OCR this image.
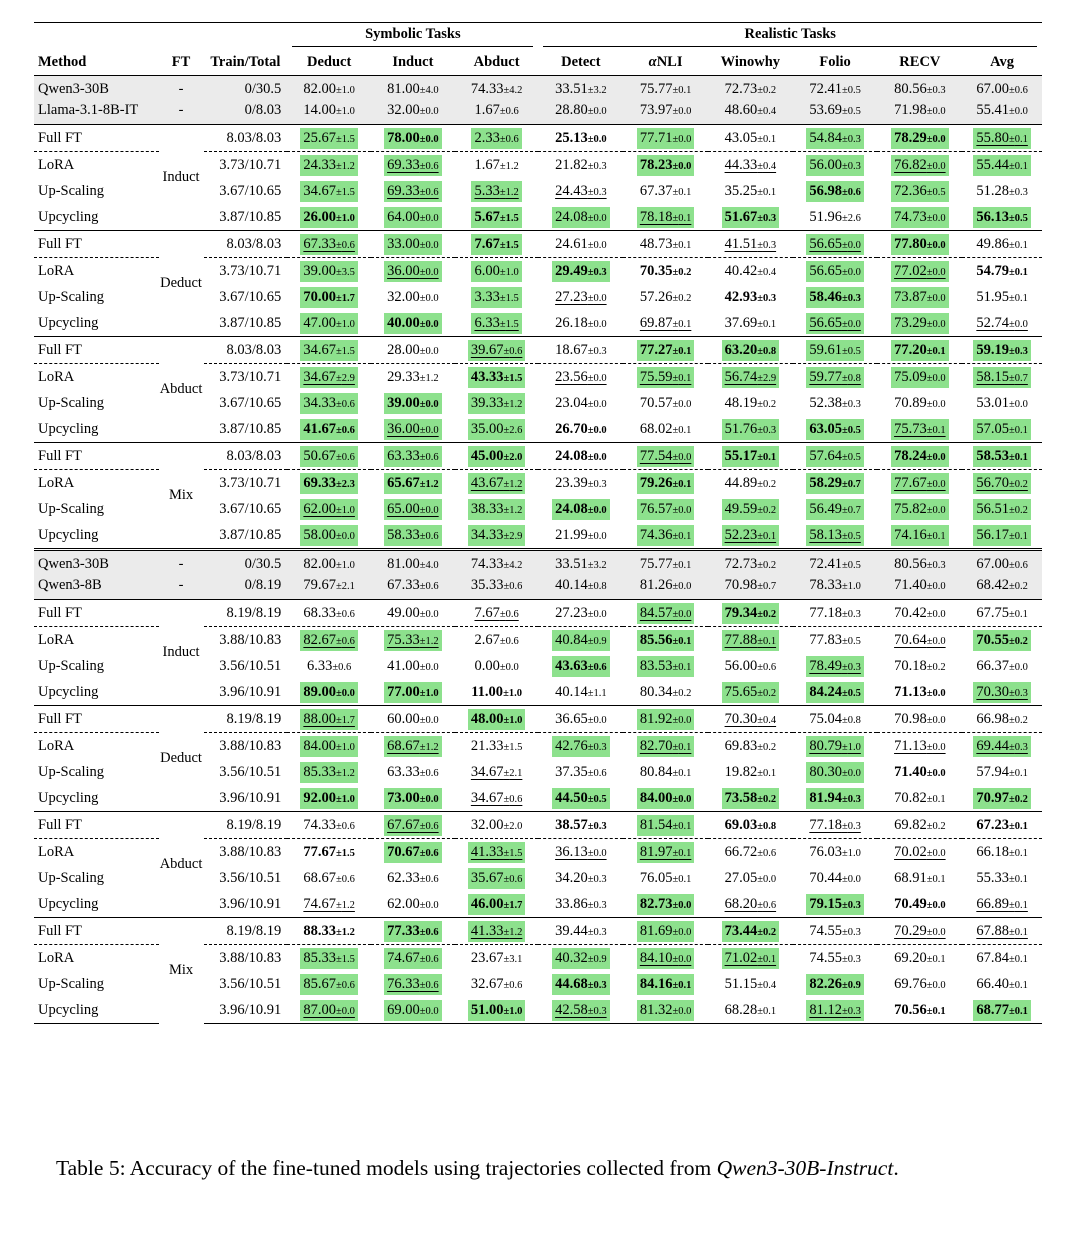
			Symbolic Tasks			Realistic Tasks					

Method	FT	Train/Total	Deduct	Induct	Abduct	Detect	αNLI	Winowhy	Folio	RECV	Avg
Qwen3-30B	-	0/30.5	82.00±1.0	81.00±4.0	74.33±4.2	33.51±3.2	75.77±0.1	72.73±0.2	72.41±0.5	80.56±0.3	67.00±0.6
Llama-3.1-8B-IT	-	0/8.03	14.00±1.0	32.00±0.0	1.67±0.6	28.80±0.0	73.97±0.0	48.60±0.4	53.69±0.5	71.98±0.0	55.41±0.0
Full FT	Induct	8.03/8.03	25.67±1.5	78.00±0.0	2.33±0.6	25.13±0.0	77.71±0.0	43.05±0.1	54.84±0.3	78.29±0.0	55.80±0.1
LoRA		3.73/10.71	24.33±1.2	69.33±0.6	1.67±1.2	21.82±0.3	78.23±0.0	44.33±0.4	56.00±0.3	76.82±0.0	55.44±0.1
Up-Scaling		3.67/10.65	34.67±1.5	69.33±0.6	5.33±1.2	24.43±0.3	67.37±0.1	35.25±0.1	56.98±0.6	72.36±0.5	51.28±0.3
Upcycling		3.87/10.85	26.00±1.0	64.00±0.0	5.67±1.5	24.08±0.0	78.18±0.1	51.67±0.3	51.96±2.6	74.73±0.0	56.13±0.5
Full FT	Deduct	8.03/8.03	67.33±0.6	33.00±0.0	7.67±1.5	24.61±0.0	48.73±0.1	41.51±0.3	56.65±0.0	77.80±0.0	49.86±0.1
LoRA		3.73/10.71	39.00±3.5	36.00±0.0	6.00±1.0	29.49±0.3	70.35±0.2	40.42±0.4	56.65±0.0	77.02±0.0	54.79±0.1
Up-Scaling		3.67/10.65	70.00±1.7	32.00±0.0	3.33±1.5	27.23±0.0	57.26±0.2	42.93±0.3	58.46±0.3	73.87±0.0	51.95±0.1
Upcycling		3.87/10.85	47.00±1.0	40.00±0.0	6.33±1.5	26.18±0.0	69.87±0.1	37.69±0.1	56.65±0.0	73.29±0.0	52.74±0.0
Full FT	Abduct	8.03/8.03	34.67±1.5	28.00±0.0	39.67±0.6	18.67±0.3	77.27±0.1	63.20±0.8	59.61±0.5	77.20±0.1	59.19±0.3
LoRA		3.73/10.71	34.67±2.9	29.33±1.2	43.33±1.5	23.56±0.0	75.59±0.1	56.74±2.9	59.77±0.8	75.09±0.0	58.15±0.7
Up-Scaling		3.67/10.65	34.33±0.6	39.00±0.0	39.33±1.2	23.04±0.0	70.57±0.0	48.19±0.2	52.38±0.3	70.89±0.0	53.01±0.0
Upcycling		3.87/10.85	41.67±0.6	36.00±0.0	35.00±2.6	26.70±0.0	68.02±0.1	51.76±0.3	63.05±0.5	75.73±0.1	57.05±0.1
Full FT	Mix	8.03/8.03	50.67±0.6	63.33±0.6	45.00±2.0	24.08±0.0	77.54±0.0	55.17±0.1	57.64±0.5	78.24±0.0	58.53±0.1
LoRA		3.73/10.71	69.33±2.3	65.67±1.2	43.67±1.2	23.39±0.3	79.26±0.1	44.89±0.2	58.29±0.7	77.67±0.0	56.70±0.2
Up-Scaling		3.67/10.65	62.00±1.0	65.00±0.0	38.33±1.2	24.08±0.0	76.57±0.0	49.59±0.2	56.49±0.7	75.82±0.0	56.51±0.2
Upcycling		3.87/10.85	58.00±0.0	58.33±0.6	34.33±2.9	21.99±0.0	74.36±0.1	52.23±0.1	58.13±0.5	74.16±0.1	56.17±0.1
Qwen3-30B	-	0/30.5	82.00±1.0	81.00±4.0	74.33±4.2	33.51±3.2	75.77±0.1	72.73±0.2	72.41±0.5	80.56±0.3	67.00±0.6
Qwen3-8B	-	0/8.19	79.67±2.1	67.33±0.6	35.33±0.6	40.14±0.8	81.26±0.0	70.98±0.7	78.33±1.0	71.40±0.0	68.42±0.2
Full FT	Induct	8.19/8.19	68.33±0.6	49.00±0.0	7.67±0.6	27.23±0.0	84.57±0.0	79.34±0.2	77.18±0.3	70.42±0.0	67.75±0.1
LoRA		3.88/10.83	82.67±0.6	75.33±1.2	2.67±0.6	40.84±0.9	85.56±0.1	77.88±0.1	77.83±0.5	70.64±0.0	70.55±0.2
Up-Scaling		3.56/10.51	6.33±0.6	41.00±0.0	0.00±0.0	43.63±0.6	83.53±0.1	56.00±0.6	78.49±0.3	70.18±0.2	66.37±0.0
Upcycling		3.96/10.91	89.00±0.0	77.00±1.0	11.00±1.0	40.14±1.1	80.34±0.2	75.65±0.2	84.24±0.5	71.13±0.0	70.30±0.3
Full FT	Deduct	8.19/8.19	88.00±1.7	60.00±0.0	48.00±1.0	36.65±0.0	81.92±0.0	70.30±0.4	75.04±0.8	70.98±0.0	66.98±0.2
LoRA		3.88/10.83	84.00±1.0	68.67±1.2	21.33±1.5	42.76±0.3	82.70±0.1	69.83±0.2	80.79±1.0	71.13±0.0	69.44±0.3
Up-Scaling		3.56/10.51	85.33±1.2	63.33±0.6	34.67±2.1	37.35±0.6	80.84±0.1	19.82±0.1	80.30±0.0	71.40±0.0	57.94±0.1
Upcycling		3.96/10.91	92.00±1.0	73.00±0.0	34.67±0.6	44.50±0.5	84.00±0.0	73.58±0.2	81.94±0.3	70.82±0.1	70.97±0.2
Full FT	Abduct	8.19/8.19	74.33±0.6	67.67±0.6	32.00±2.0	38.57±0.3	81.54±0.1	69.03±0.8	77.18±0.3	69.82±0.2	67.23±0.1
LoRA		3.88/10.83	77.67±1.5	70.67±0.6	41.33±1.5	36.13±0.0	81.97±0.1	66.72±0.6	76.03±1.0	70.02±0.0	66.18±0.1
Up-Scaling		3.56/10.51	68.67±0.6	62.33±0.6	35.67±0.6	34.20±0.3	76.05±0.1	27.05±0.0	70.44±0.0	68.91±0.1	55.33±0.1
Upcycling		3.96/10.91	74.67±1.2	62.00±0.0	46.00±1.7	33.86±0.3	82.73±0.0	68.20±0.6	79.15±0.3	70.49±0.0	66.89±0.1
Full FT	Mix	8.19/8.19	88.33±1.2	77.33±0.6	41.33±1.2	39.44±0.3	81.69±0.0	73.44±0.2	74.55±0.3	70.29±0.0	67.88±0.1
LoRA		3.88/10.83	85.33±1.5	74.67±0.6	23.67±3.1	40.32±0.9	84.10±0.0	71.02±0.1	74.55±0.3	69.20±0.1	67.84±0.1
Up-Scaling		3.56/10.51	85.67±0.6	76.33±0.6	32.67±0.6	44.68±0.3	84.16±0.1	51.15±0.4	82.26±0.9	69.76±0.0	66.40±0.1
Upcycling		3.96/10.91	87.00±0.0	69.00±0.0	51.00±1.0	42.58±0.3	81.32±0.0	68.28±0.1	81.12±0.3	70.56±0.1	68.77±0.1
Table 5: Accuracy of the fine-tuned models using trajectories collected from Qwen3-30B-Instruct.
